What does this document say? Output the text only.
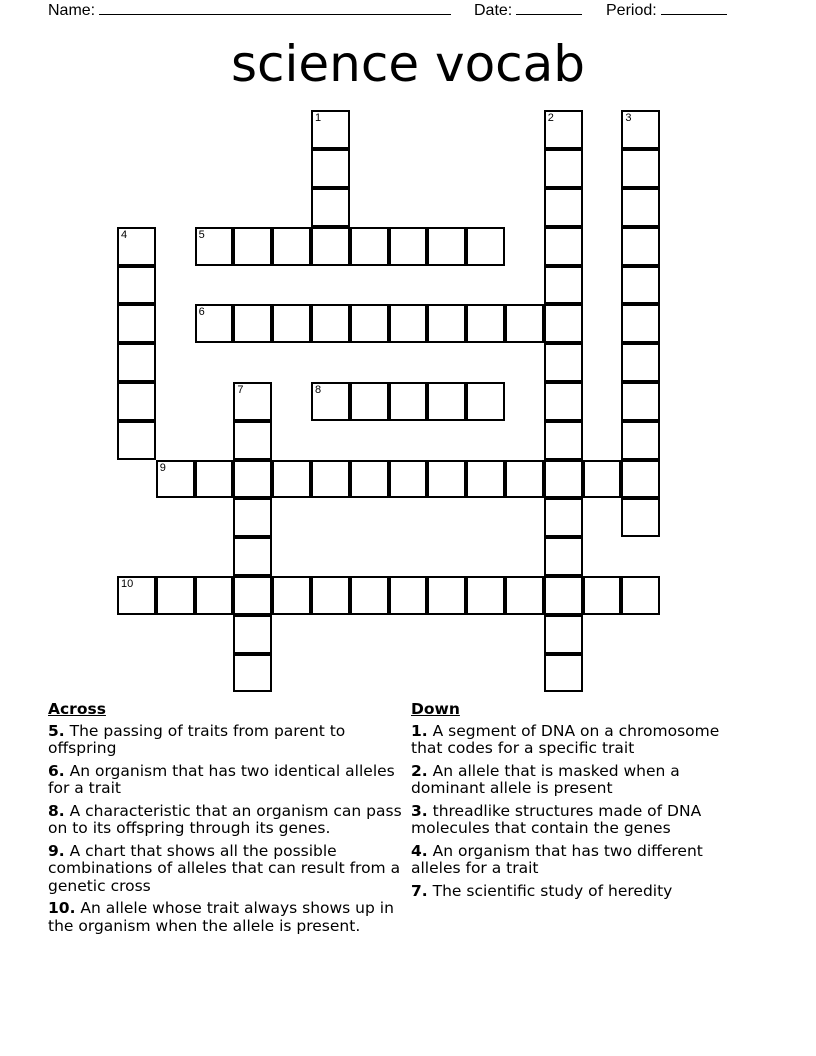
Name:	Date:	Period:
science vocab
1	2	3
4	5
6
7	8
9
10
Across
5. The passing of traits from parent to offspring
6. An organism that has two identical alleles for a trait
8. A characteristic that an organism can pass on to its offspring through its genes.
9. A chart that shows all the possible combinations of alleles that can result from a genetic cross
10. An allele whose trait always shows up in the organism when the allele is present.
Down
1. A segment of DNA on a chromosome that codes for a specific trait
2. An allele that is masked when a dominant allele is present
3. threadlike structures made of DNA molecules that contain the genes
4. An organism that has two different alleles for a trait
7. The scientific study of heredity
